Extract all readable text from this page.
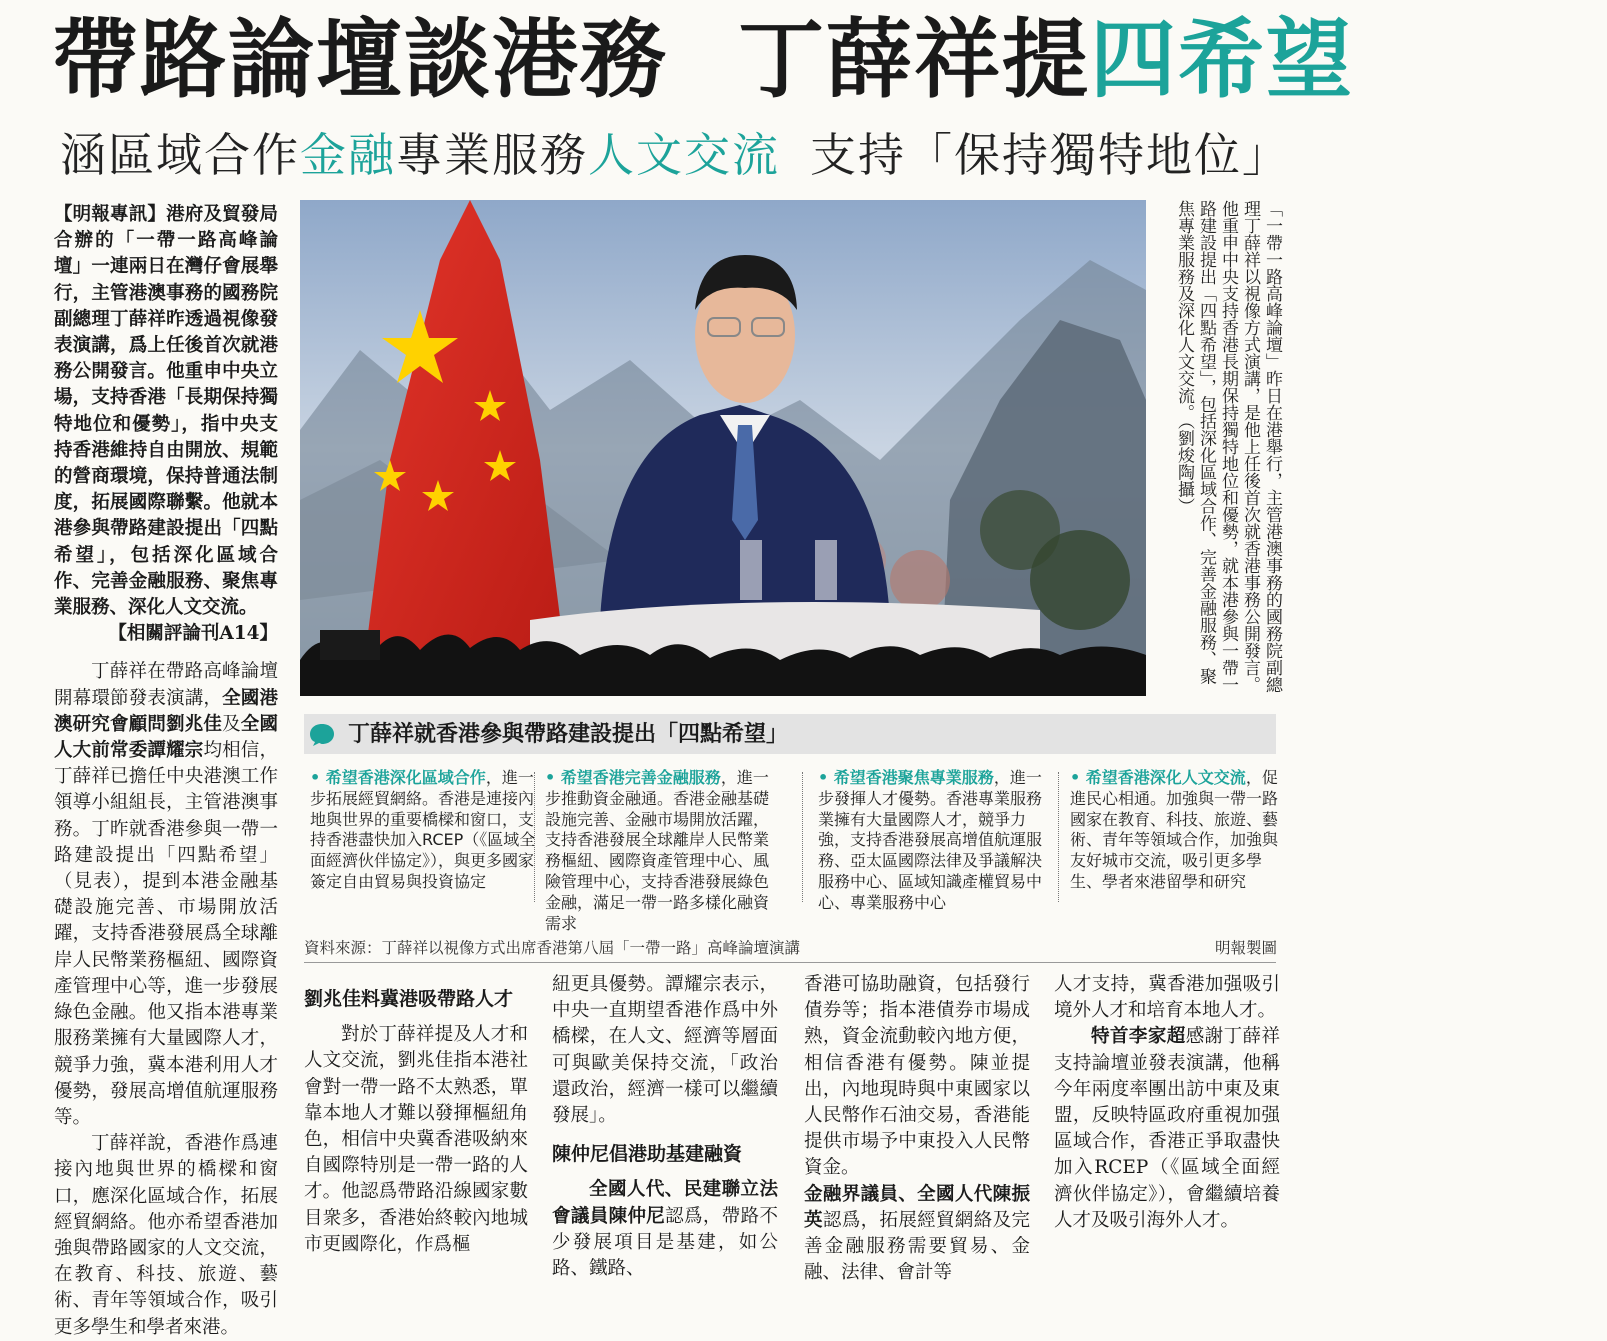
帶路論壇談港務 丁薛祥提四希望
涵區域合作金融專業服務人文交流 支持「保持獨特地位」

【明報專訊】港府及貿發局合辦的「一帶一路高峰論壇」一連兩日在灣仔會展舉行，主管港澳事務的國務院副總理丁薛祥昨透過視像發表演講，爲上任後首次就港務公開發言。他重申中央立場，支持香港「長期保持獨特地位和優勢」，指中央支持香港維持自由開放、規範的營商環境，保持普通法制度，拓展國際聯繫。他就本港參與帶路建設提出「四點希望」，包括深化區域合作、完善金融服務、聚焦專業服務、深化人文交流。

【相關評論刊A14】

丁薛祥在帶路高峰論壇開幕環節發表演講，全國港澳研究會顧問劉兆佳及全國人大前常委譚耀宗均相信，丁薛祥已擔任中央港澳工作領導小組組長，主管港澳事務。丁昨就香港參與一帶一路建設提出「四點希望」（見表），提到本港金融基礎設施完善、市場開放活躍，支持香港發展爲全球離岸人民幣業務樞紐、國際資產管理中心等，進一步發展綠色金融。他又指本港專業服務業擁有大量國際人才，競爭力強，冀本港利用人才優勢，發展高增值航運服務等。

丁薛祥說，香港作爲連接內地與世界的橋樑和窗口，應深化區域合作，拓展經貿網絡。他亦希望香港加強與帶路國家的人文交流，在教育、科技、旅遊、藝術、青年等領域合作，吸引更多學生和學者來港。

「一帶一路高峰論壇」昨日在港舉行，主管港澳事務的國務院副總理丁薛祥以視像方式演講，是他上任後首次就香港事務公開發言。他重申中央支持香港長期保持獨特地位和優勢，就本港參與一帶一路建設提出「四點希望」，包括深化區域合作、完善金融服務、聚焦專業服務及深化人文交流。（劉焌陶攝）
丁薛祥就香港參與帶路建設提出「四點希望」
• 希望香港深化區域合作，進一步拓展經貿網絡。香港是連接內地與世界的重要橋樑和窗口，支持香港盡快加入RCEP（《區域全面經濟伙伴協定》），與更多國家簽定自由貿易與投資協定
• 希望香港完善金融服務，進一步推動資金融通。香港金融基礎設施完善、金融市場開放活躍，支持香港發展全球離岸人民幣業務樞紐、國際資產管理中心、風險管理中心，支持香港發展綠色金融，滿足一帶一路多樣化融資需求
• 希望香港聚焦專業服務，進一步發揮人才優勢。香港專業服務業擁有大量國際人才，競爭力強，支持香港發展高增值航運服務、亞太區國際法律及爭議解決服務中心、區域知識產權貿易中心、專業服務中心
• 希望香港深化人文交流，促進民心相通。加強與一帶一路國家在教育、科技、旅遊、藝術、青年等領域合作，加強與友好城市交流，吸引更多學生、學者來港留學和研究
資料來源：丁薛祥以視像方式出席香港第八屆「一帶一路」高峰論壇演講	明報製圖
劉兆佳料冀港吸帶路人才

對於丁薛祥提及人才和人文交流，劉兆佳指本港社會對一帶一路不太熟悉，單靠本地人才難以發揮樞紐角色，相信中央冀香港吸納來自國際特別是一帶一路的人才。他認爲帶路沿線國家數目衆多，香港始終較內地城市更國際化，作爲樞

紐更具優勢。譚耀宗表示，中央一直期望香港作爲中外橋樑，在人文、經濟等層面可與歐美保持交流，「政治還政治，經濟一樣可以繼續發展」。

陳仲尼倡港助基建融資

全國人代、民建聯立法會議員陳仲尼認爲，帶路不少發展項目是基建，如公路、鐵路、

香港可協助融資，包括發行債券等；指本港債券市場成熟，資金流動較內地方便，相信香港有優勢。陳並提出，內地現時與中東國家以人民幣作石油交易，香港能提供市場予中東投入人民幣資金。

金融界議員、全國人代陳振英認爲，拓展經貿網絡及完善金融服務需要貿易、金融、法律、會計等

人才支持，冀香港加强吸引境外人才和培育本地人才。

特首李家超感謝丁薛祥支持論壇並發表演講，他稱今年兩度率團出訪中東及東盟，反映特區政府重視加强區域合作，香港正爭取盡快加入RCEP（《區域全面經濟伙伴協定》），會繼續培養人才及吸引海外人才。
